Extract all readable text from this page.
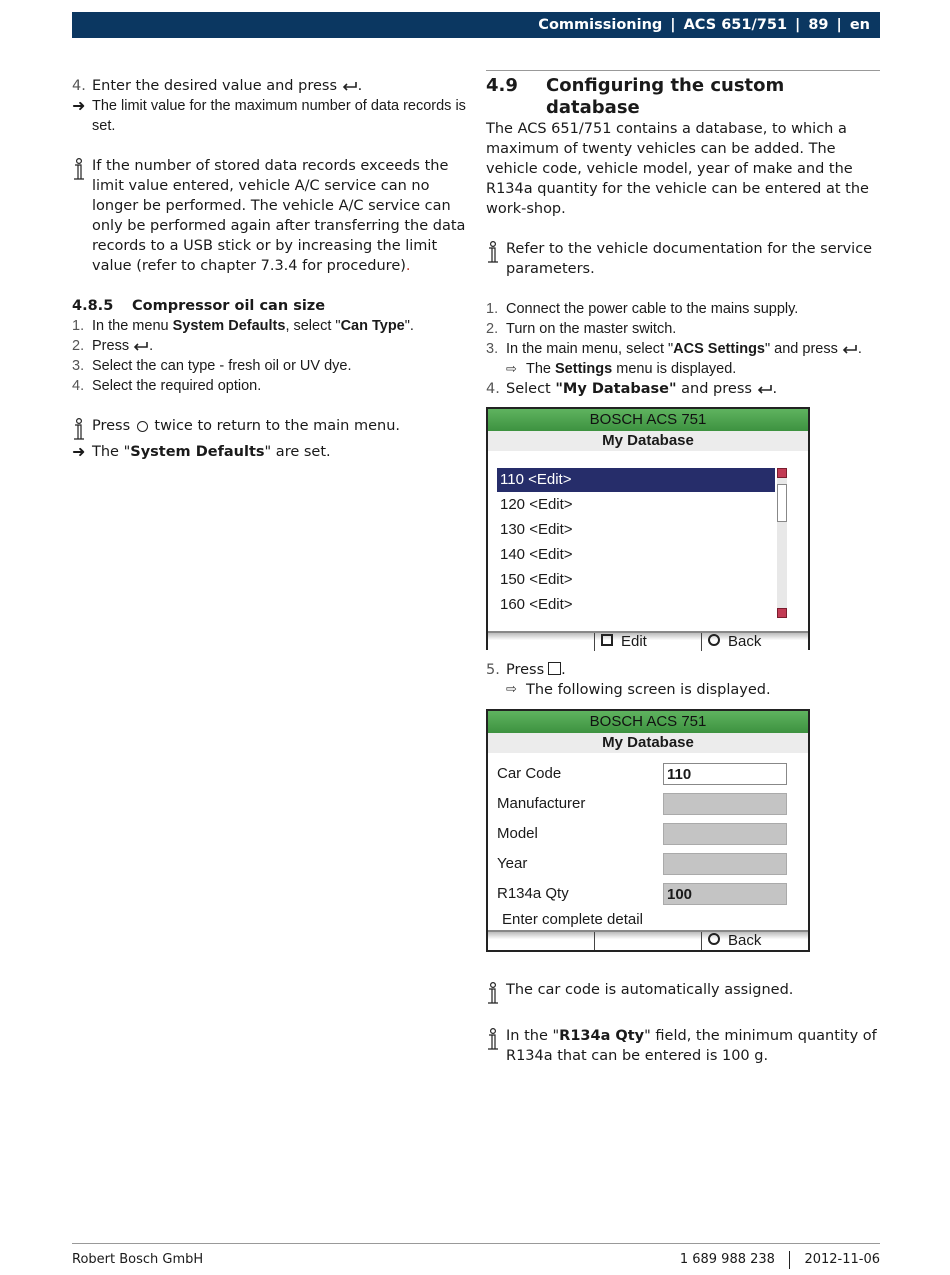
Commissioning | ACS 651/751 | 89 | en
4. Enter the desired value and press .
➜ The limit value for the maximum number of data records is set.
If the number of stored data records exceeds the limit value entered, vehicle A/C service can no longer be performed. The vehicle A/C service can only be performed again after transferring the data records to a USB stick or by increasing the limit value (refer to chapter 7.3.4 for procedure).
4.8.5	Compressor oil can size
1. In the menu System Defaults, select "Can Type".
2. Press .
3. Select the can type - fresh oil or UV dye.
4. Select the required option.
Press twice to return to the main menu.
➜ The "System Defaults" are set.
4.9	Configuring the custom database
The ACS 651/751 contains a database, to which a maximum of twenty vehicles can be added. The vehicle code, vehicle model, year of make and the R134a quantity for the vehicle can be entered at the work-shop.
Refer to the vehicle documentation for the service parameters.
1. Connect the power cable to the mains supply.
2. Turn on the master switch.
3. In the main menu, select "ACS Settings" and press .
⇨ The Settings menu is displayed.
4. Select "My Database" and press .
BOSCH ACS 751
My Database
110 <Edit>
120 <Edit>
130 <Edit>
140 <Edit>
150 <Edit>
160 <Edit>
Edit	Back
5. Press .
⇨ The following screen is displayed.
BOSCH ACS 751
My Database
Car Code	110
Manufacturer
Model
Year
R134a Qty	100
Enter complete detail
Back
The car code is automatically assigned.
In the "R134a Qty" field, the minimum quantity of R134a that can be entered is 100 g.
Robert Bosch GmbH	1 689 988 238 2012-11-06
